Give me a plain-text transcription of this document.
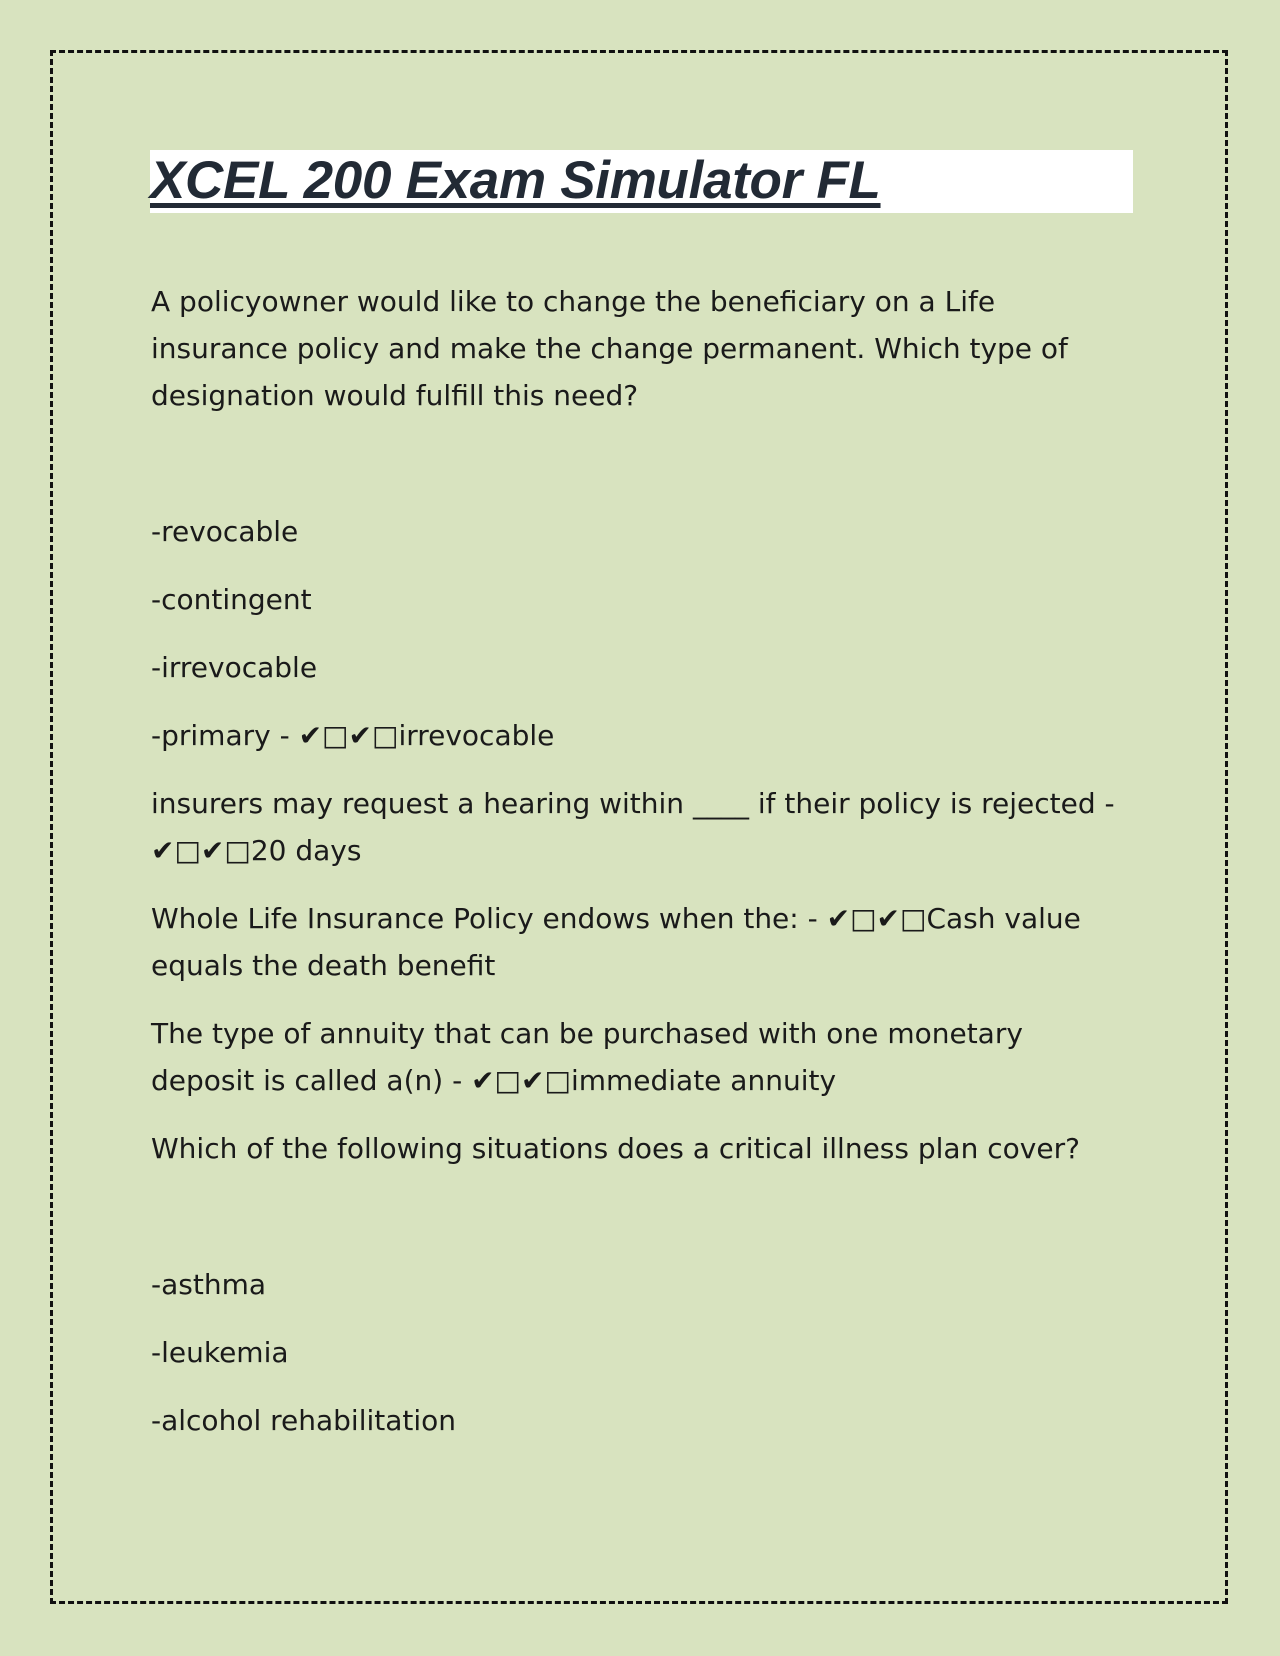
XCEL 200 Exam Simulator FL

A policyowner would like to change the beneficiary on a Life insurance policy and make the change permanent. Which type of designation would fulfill this need?

-revocable

-contingent

-irrevocable

-primary - ✔□✔□irrevocable

insurers may request a hearing within ____ if their policy is rejected - ✔□✔□20 days

Whole Life Insurance Policy endows when the: - ✔□✔□Cash value equals the death benefit

The type of annuity that can be purchased with one monetary deposit is called a(n) - ✔□✔□immediate annuity

Which of the following situations does a critical illness plan cover?

-asthma

-leukemia

-alcohol rehabilitation
